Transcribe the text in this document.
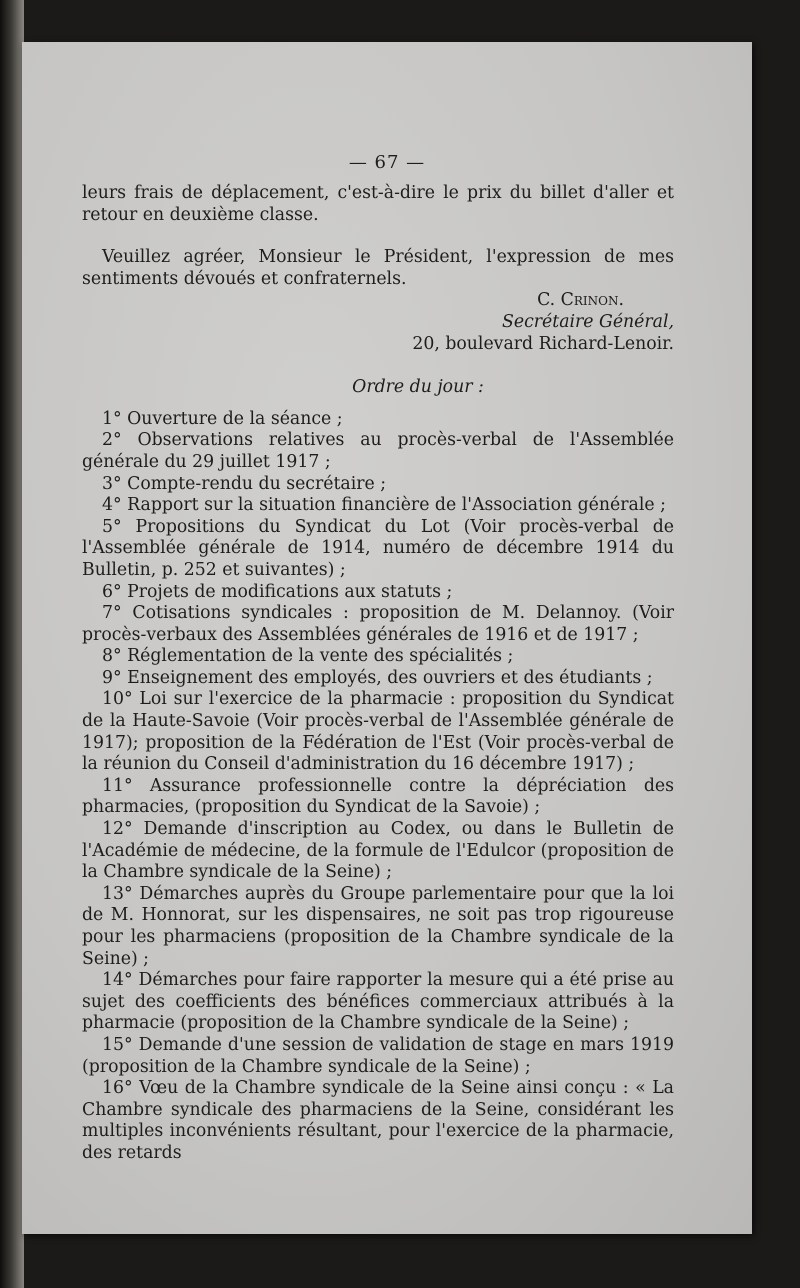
— 67 —

leurs frais de déplacement, c'est-à-dire le prix du billet d'aller et retour en deuxième classe.

Veuillez agréer, Monsieur le Président, l'expression de mes sentiments dévoués et confraternels.

C. Crinon.

Secrétaire Général,

20, boulevard Richard-Lenoir.

Ordre du jour :

1° Ouverture de la séance ;

2° Observations relatives au procès-verbal de l'Assemblée générale du 29 juillet 1917 ;

3° Compte-rendu du secrétaire ;

4° Rapport sur la situation financière de l'Association générale ;

5° Propositions du Syndicat du Lot (Voir procès-verbal de l'Assemblée générale de 1914, numéro de décembre 1914 du Bulletin, p. 252 et suivantes) ;

6° Projets de modifications aux statuts ;

7° Cotisations syndicales : proposition de M. Delannoy. (Voir procès-verbaux des Assemblées générales de 1916 et de 1917 ;

8° Réglementation de la vente des spécialités ;

9° Enseignement des employés, des ouvriers et des étudiants ;

10° Loi sur l'exercice de la pharmacie : proposition du Syndicat de la Haute-Savoie (Voir procès-verbal de l'Assemblée générale de 1917); proposition de la Fédération de l'Est (Voir procès-verbal de la réunion du Conseil d'administration du 16 décembre 1917) ;

11° Assurance professionnelle contre la dépréciation des pharmacies, (proposition du Syndicat de la Savoie) ;

12° Demande d'inscription au Codex, ou dans le Bulletin de l'Académie de médecine, de la formule de l'Edulcor (proposition de la Chambre syndicale de la Seine) ;

13° Démarches auprès du Groupe parlementaire pour que la loi de M. Honnorat, sur les dispensaires, ne soit pas trop rigoureuse pour les pharmaciens (proposition de la Chambre syndicale de la Seine) ;

14° Démarches pour faire rapporter la mesure qui a été prise au sujet des coefficients des bénéfices commerciaux attribués à la pharmacie (proposition de la Chambre syndicale de la Seine) ;

15° Demande d'une session de validation de stage en mars 1919 (proposition de la Chambre syndicale de la Seine) ;

16° Vœu de la Chambre syndicale de la Seine ainsi conçu : « La Chambre syndicale des pharmaciens de la Seine, considérant les multiples inconvénients résultant, pour l'exercice de la pharmacie, des retards
